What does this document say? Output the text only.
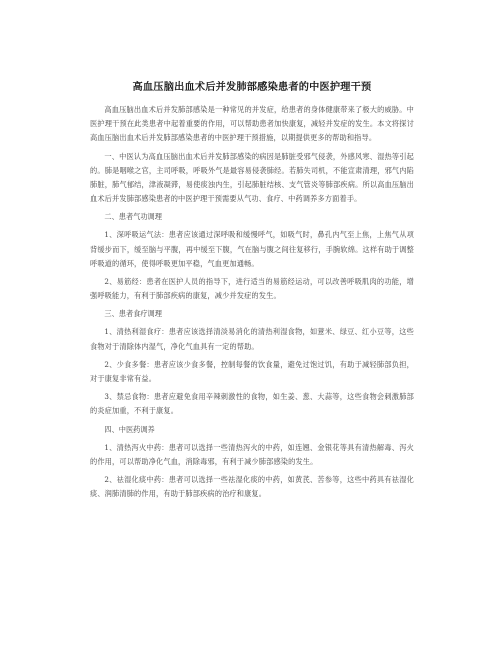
高血压脑出血术后并发肺部感染患者的中医护理干预

高血压脑出血术后并发肺部感染是一种常见的并发症，给患者的身体健康带来了极大的威胁。中医护理干预在此类患者中起着重要的作用，可以帮助患者加快康复，减轻并发症的发生。本文将探讨高血压脑出血术后并发肺部感染患者的中医护理干预措施，以期提供更多的帮助和指导。

一、中医认为高血压脑出血术后并发肺部感染的病因是肺脏受邪气侵袭，外感风寒、湿热等引起的。肺是咽喉之官，主司呼吸，呼吸外气是最容易侵袭肺经。若肺失司机，不能宣肃清理，邪气内陷肺脏，肺气郁结，津液凝滞，易使痰浊内生，引起肺脏结核、支气管炎等肺部疾病。所以高血压脑出血术后并发肺部感染患者的中医护理干预需要从气功、食疗、中药调养多方面着手。

二、患者气功调理

1、深呼吸运气法：患者应该通过深呼吸和缓慢呼气，如吸气时，鼻孔内气至上焦，上焦气从项背缓步而下，缓至脑与平腹，再中缓至下腹，气在脑与腹之间往复移行，手腕软绵。这样有助于调整呼吸道的循环，使得呼吸更加平稳，气血更加通畅。

2、易筋经：患者在医护人员的指导下，进行适当的易筋经运动，可以改善呼吸肌肉的功能，增强呼吸能力，有利于肺部疾病的康复，减少并发症的发生。

三、患者食疗调理

1、清热利湿食疗：患者应该选择清淡易消化的清热利湿食物，如薏米、绿豆、红小豆等，这些食物对于清除体内湿气，净化气血具有一定的帮助。

2、少食多餐：患者应该少食多餐，控制每餐的饮食量，避免过饱过饥，有助于减轻肺部负担，对于康复非常有益。

3、禁忌食物：患者应避免食用辛辣刺激性的食物，如生姜、葱、大蒜等，这些食物会刺激肺部的炎症加重，不利于康复。

四、中医药调养

1、清热泻火中药：患者可以选择一些清热泻火的中药，如连翘、金银花等具有清热解毒、泻火的作用，可以帮助净化气血，消除毒邪，有利于减少肺部感染的发生。

2、祛湿化痰中药：患者可以选择一些祛湿化痰的中药，如黄芪、苦参等，这些中药具有祛湿化痰、润肺清肺的作用，有助于肺部疾病的治疗和康复。
